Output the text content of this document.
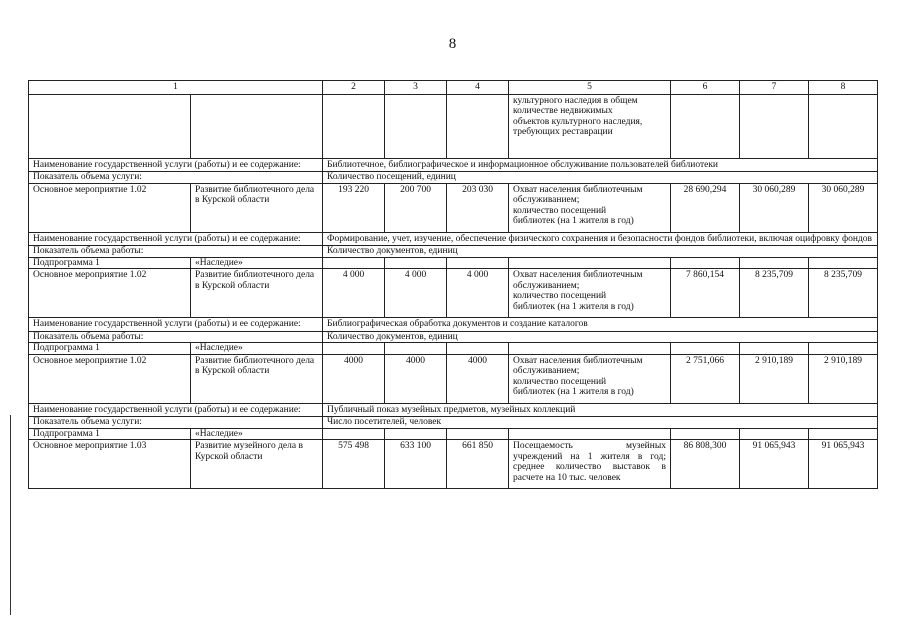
8
1		2	3	4	5	6	7	8
					культурного наследия в общем
количестве недвижимых
объектов культурного наследия,
требующих реставрации			
Наименование государственной услуги (работы) и ее содержание:		Библиотечное, библиографическое и информационное обслуживание пользователей библиотеки						
Показатель объема услуги:		Количество посещений, единиц						
Основное мероприятие 1.02	Развитие библиотечного дела в Курской области	193 220	200 700	203 030	Охват населения библиотечным
обслуживанием;
количество посещений
библиотек (на 1 жителя в год)	28 690,294	30 060,289	30 060,289
Наименование государственной услуги (работы) и ее содержание:		Формирование, учет, изучение, обеспечение физического сохранения и безопасности фондов библиотеки, включая оцифровку фондов						
Показатель объема работы:		Количество документов, единиц						
Подпрограмма 1	«Наследие»							
Основное мероприятие 1.02	Развитие библиотечного дела в Курской области	4 000	4 000	4 000	Охват населения библиотечным
обслуживанием;
количество посещений
библиотек (на 1 жителя в год)	7 860,154	8 235,709	8 235,709
Наименование государственной услуги (работы) и ее содержание:		Библиографическая обработка документов и создание каталогов						
Показатель объема работы:		Количество документов, единиц						
Подпрограмма 1	«Наследие»							
Основное мероприятие 1.02	Развитие библиотечного дела в Курской области	4000	4000	4000	Охват населения библиотечным
обслуживанием;
количество посещений
библиотек (на 1 жителя в год)	2 751,066	2 910,189	2 910,189
Наименование государственной услуги (работы) и ее содержание:		Публичный показ музейных предметов, музейных коллекций						
Показатель объема услуги:		Число посетителей, человек						
Подпрограмма 1	«Наследие»							
Основное мероприятие 1.03	Развитие музейного дела в Курской области	575 498	633 100	661 850	Посещаемость музейных учреждений на 1 жителя в год; среднее количество выставок в расчете на 10 тыс. человек	86 808,300	91 065,943	91 065,943
